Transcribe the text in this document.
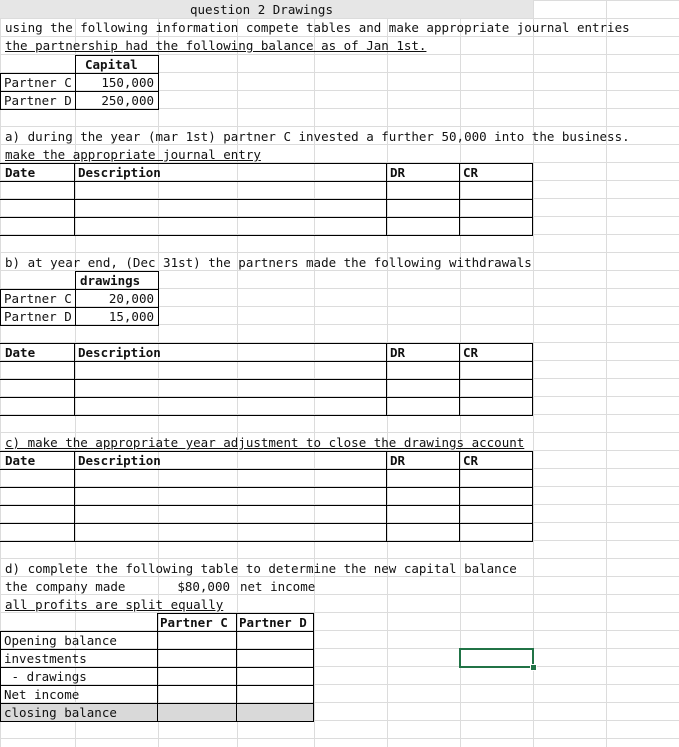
question 2 Drawings
using the following information compete tables and make appropriate journal entries
the partnership had the following balance as of Jan 1st.
Capital
Partner C	150,000
Partner D	250,000
a) during the year (mar 1st) partner C invested a further 50,000 into the business.
make the appropriate journal entry
Date	Description	DR	CR
b) at year end, (Dec 31st) the partners made the following withdrawals
drawings
Partner C	20,000
Partner D	15,000
Date	Description	DR	CR
c) make the appropriate year adjustment to close the drawings account
Date	Description	DR	CR
d) complete the following table to determine the new capital balance
the company made	$80,000 net income
all profits are split equally
Partner C Partner D
Opening balance
investments
- drawings
Net income
closing balance
